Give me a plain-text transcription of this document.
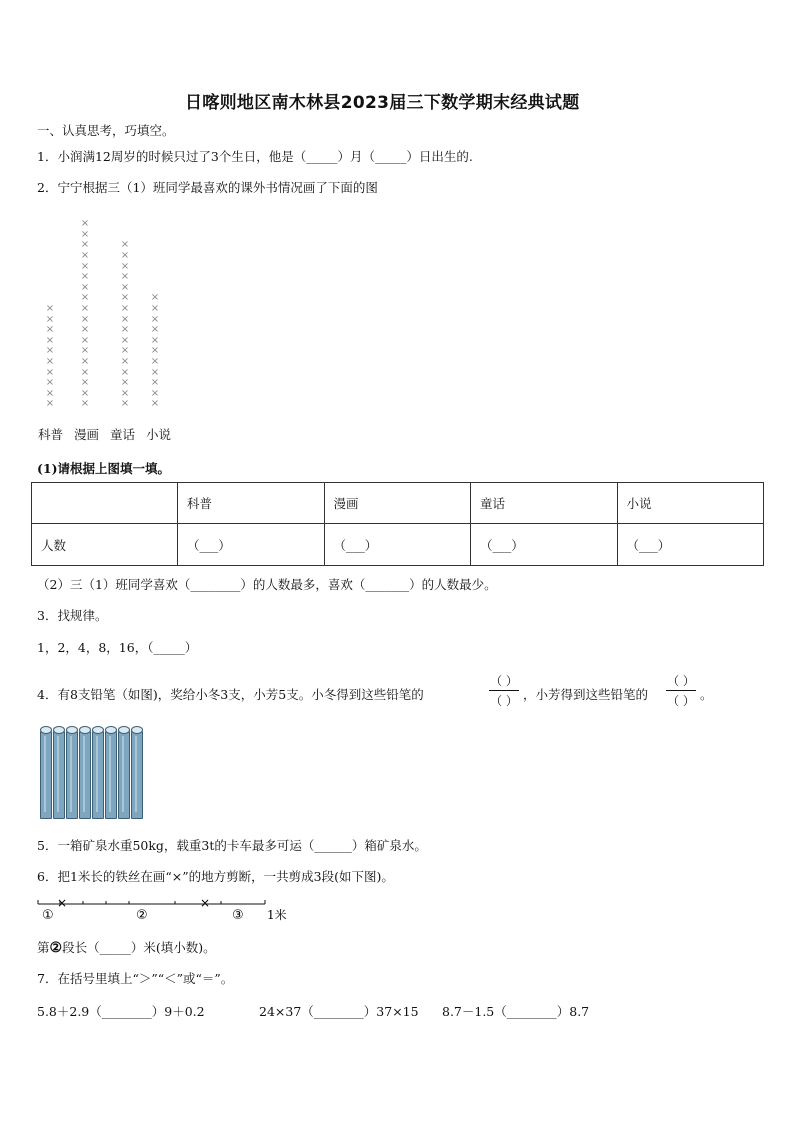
日喀则地区南木林县2023届三下数学期末经典试题
一、认真思考，巧填空。
1．小润满12周岁的时候只过了3个生日，他是（_____）月（_____）日出生的.
2．宁宁根据三（1）班同学最喜欢的课外书情况画了下面的图
×
×
×
×
×
×
×
×
×
×
×
×
×
×
×
×
×
×
×
×
×
×
×
×
×
×
×
×
×
×
×
×
×
×
×
×
×
×
×
×
×
×
×
×
×
×
×
×
×
×
×
×
×
×
×
科普 漫画 童话 小说
(1)请根据上图填一填。
	科普	漫画	童话	小说
人数	（___）	（___）	（___）	（___）
（2）三（1）班同学喜欢（________）的人数最多，喜欢（_______）的人数最少。
3．找规律。
1，2，4，8，16，（_____）
4．有8支铅笔（如图)，奖给小冬3支，小芳5支。小冬得到这些铅笔的
（ ）
（ ） ，小芳得到这些铅笔的
（ ）
（ ） 。
5．一箱矿泉水重50kg，载重3t的卡车最多可运（______）箱矿泉水。
6．把1米长的铁丝在画“×”的地方剪断，一共剪成3段(如下图)。
×	×
①	②	③ 1米
第②段长（_____）米(填小数)。
7．在括号里填上“＞”“＜”或“＝”。
5.8＋2.9（________）9＋0.2	24×37（________）37×15 8.7－1.5（________）8.7
